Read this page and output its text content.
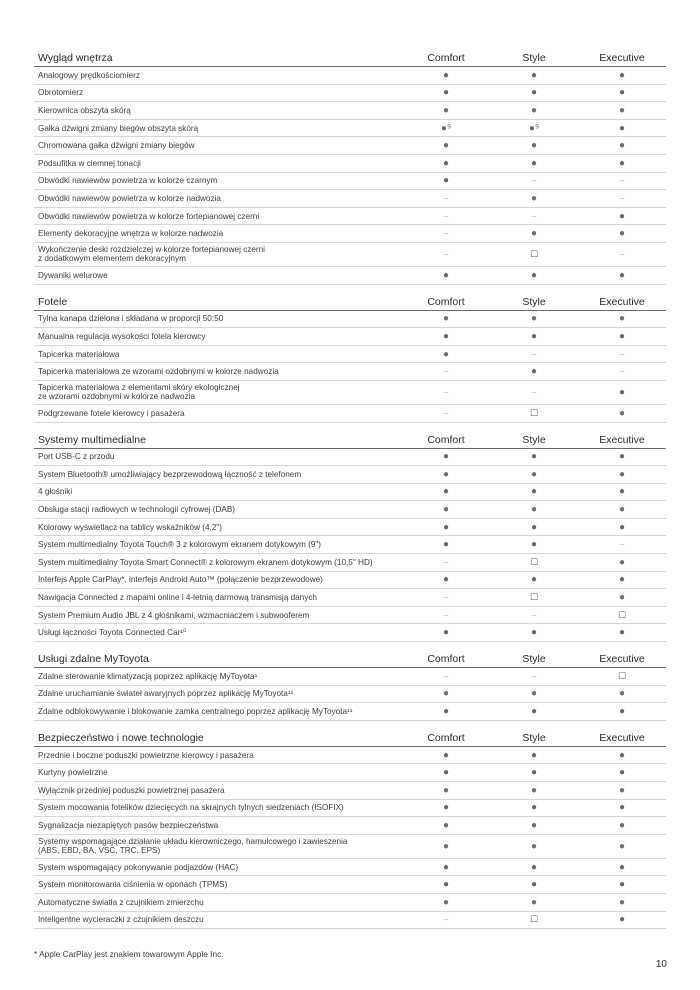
Wygląd wnętrza	Comfort	Style	Executive
Analogowy prędkościomierz	●	●	●
Obrotomierz	●	●	●
Kierownica obszyta skórą	●	●	●
Gałka dźwigni zmiany biegów obszyta skórą	●⁹	●⁹	●
Chromowana gałka dźwigni zmiany biegów	●	●	●
Podsufitka w ciemnej tonacji	●	●	●
Obwódki nawiewów powietrza w kolorze czarnym	●	–	–
Obwódki nawiewów powietrza w kolorze nadwozia	–	●	–
Obwódki nawiewów powietrza w kolorze fortepianowej czerni	–	–	●
Elementy dekoracyjne wnętrza w kolorze nadwozia	–	●	●
Wykończenie deski rozdzielczej w kolorze fortepianowej czerni
z dodatkowym elementem dekoracyjnym	–	☐	–
Dywaniki welurowe	●	●	●
Fotele	Comfort	Style	Executive
Tylna kanapa dzielona i składana w proporcji 50:50	●	●	●
Manualna regulacja wysokości fotela kierowcy	●	●	●
Tapicerka materiałowa	●	–	–
Tapicerka materiałowa ze wzorami ozdobnymi w kolorze nadwozia	–	●	–
Tapicerka materiałowa z elementami skóry ekologicznej
ze wzorami ozdobnymi w kolorze nadwozia	–	–	●
Podgrzewane fotele kierowcy i pasażera	–	☐	●
Systemy multimedialne	Comfort	Style	Executive
Port USB-C z przodu	●	●	●
System Bluetooth® umożliwiający bezprzewodową łączność z telefonem	●	●	●
4 głośniki	●	●	●
Obsługa stacji radiowych w technologii cyfrowej (DAB)	●	●	●
Kolorowy wyświetlacz na tablicy wskaźników (4,2")	●	●	●
System multimedialny Toyota Touch® 3 z kolorowym ekranem dotykowym (9")	●	●	–
System multimedialny Toyota Smart Connect® z kolorowym ekranem dotykowym (10,5" HD)	–	☐	●
Interfejs Apple CarPlay*, interfejs Android Auto™ (połączenie bezprzewodowe)	●	●	●
Nawigacja Connected z mapami online i 4-letnią darmową transmisją danych	–	☐	●
System Premium Audio JBL z 4 głośnikami, wzmacniaczem i subwooferem	–	–	☐
Usługi łączności Toyota Connected Car¹⁰	●	●	●
Usługi zdalne MyToyota	Comfort	Style	Executive
Zdalne sterowanie klimatyzacją poprzez aplikację MyToyota¹	–	–	☐
Zdalne uruchamianie świateł awaryjnych poprzez aplikację MyToyota¹¹	●	●	●
Zdalne odblokowywanie i blokowanie zamka centralnego poprzez aplikację MyToyota¹¹	●	●	●
Bezpieczeństwo i nowe technologie	Comfort	Style	Executive
Przednie i boczne poduszki powietrzne kierowcy i pasażera	●	●	●
Kurtyny powietrzne	●	●	●
Wyłącznik przedniej poduszki powietrznej pasażera	●	●	●
System mocowania fotelików dziecięcych na skrajnych tylnych siedzeniach (ISOFIX)	●	●	●
Sygnalizacja niezapiętych pasów bezpieczeństwa	●	●	●
Systemy wspomagające działanie układu kierowniczego, hamulcowego i zawieszenia
(ABS, EBD, BA, VSC, TRC, EPS)	●	●	●
System wspomagający pokonywanie podjazdów (HAC)	●	●	●
System monitorowania ciśnienia w oponach (TPMS)	●	●	●
Automatyczne światła z czujnikiem zmierzchu	●	●	●
Inteligentne wycieraczki z czujnikiem deszczu	–	☐	●
* Apple CarPlay jest znakiem towarowym Apple Inc.
10
